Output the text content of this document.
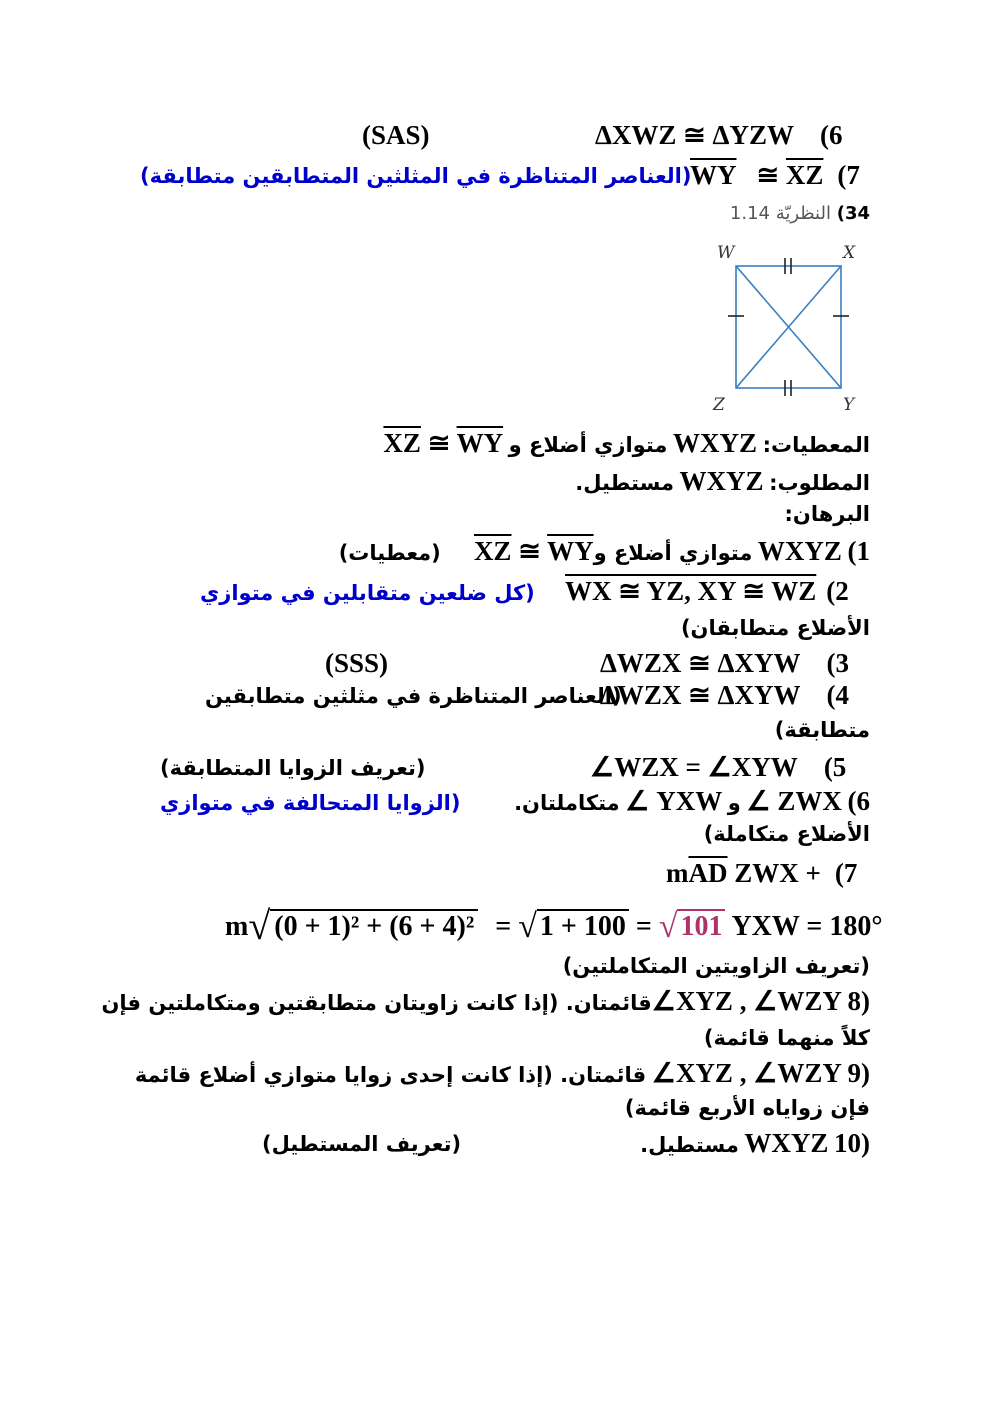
ΔXWZ ≅ ΔYZW (6
(SAS)
$\overline{WY}$ ≅ $\overline{XZ}$ (7
(العناصر المتناظرة في المثلثين المتطابقين متطابقة)
34) النظريّة 1.14
W	X
Z	Y
المعطيات: WXYZ متوازي أضلاع و $\overline{XZ}$ ≅ $\overline{WY}$
المطلوب: WXYZ مستطيل.
البرهان:
1) WXYZ متوازي أضلاع $و\overline{XZ}$ ≅ $\overline{WY}$  (معطيات)
WX ≅ YZ, XY ≅ WZ (2
(كل ضلعين متقابلين في متوازي
الأضلاع متطابقان)
ΔWZX ≅ ΔXYW (3
(SSS)
ΔWZX ≅ ΔXYW (4
(العناصر المتناظرة في مثلثين متطابقين
متطابقة)
∠WZX = ∠XYW (5
(تعريف الزوايا المتطابقة)
6) ∠ ZWX و ∠ YXW متكاملتان.
(الزوايا المتحالفة في متوازي
الأضلاع متكاملة)
$m\overline{AD}$ ZWX + (7
m√ (0 + 1)² + (6 + 4)² = √ 1 + 100 = √ 101 YXW = 180°
(تعريف الزاويتين المتكاملتين)
(8 ∠XYZ , ∠WZYقائمتان. (إذا كانت زاويتان متطابقتين ومتكاملتين فإن
كلاً منهما قائمة)
(9 ∠XYZ , ∠WZY قائمتان. (إذا كانت إحدى زوايا متوازي أضلاع قائمة
فإن زواياه الأربع قائمة)
(10 WXYZ مستطيل.
(تعريف المستطيل)
